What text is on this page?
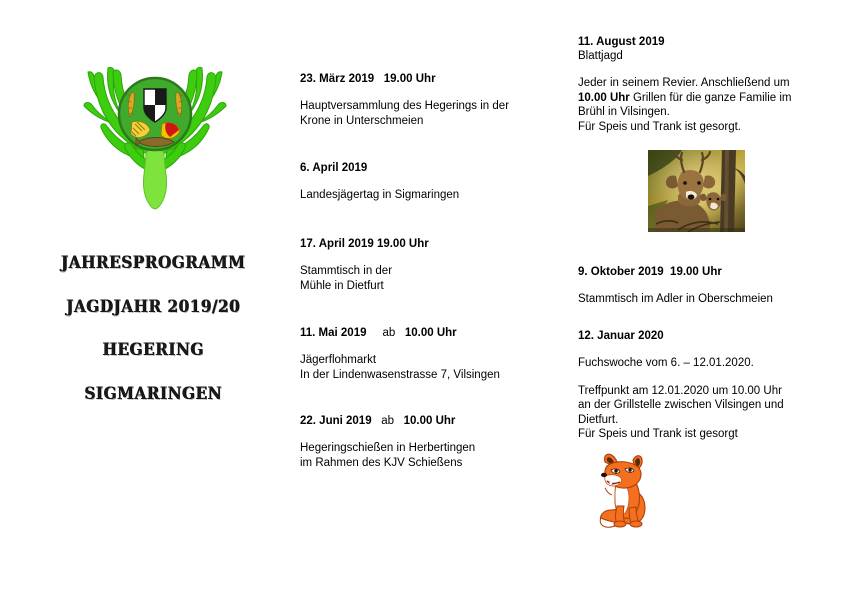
JAHRESPROGRAMM

JAGDJAHR 2019/20

HEGERING

SIGMARINGEN

23. März 2019 19.00 Uhr

Hauptversammlung des Hegerings in der

Krone in Unterschmeien

6. April 2019

Landesjägertag in Sigmaringen

17. April 2019 19.00 Uhr

Stammtisch in der

Mühle in Dietfurt

11. Mai 2019 ab 10.00 Uhr

Jägerflohmarkt

In der Lindenwasenstrasse 7, Vilsingen

22. Juni 2019 ab 10.00 Uhr

Hegeringschießen in Herbertingen

im Rahmen des KJV Schießens

11. August 2019

Blattjagd

Jeder in seinem Revier. Anschließend um

10.00 Uhr Grillen für die ganze Familie im

Brühl in Vilsingen.

Für Speis und Trank ist gesorgt.

9. Oktober 2019 19.00 Uhr

Stammtisch im Adler in Oberschmeien

12. Januar 2020

Fuchswoche vom 6. – 12.01.2020.

Treffpunkt am 12.01.2020 um 10.00 Uhr

an der Grillstelle zwischen Vilsingen und

Dietfurt.

Für Speis und Trank ist gesorgt
